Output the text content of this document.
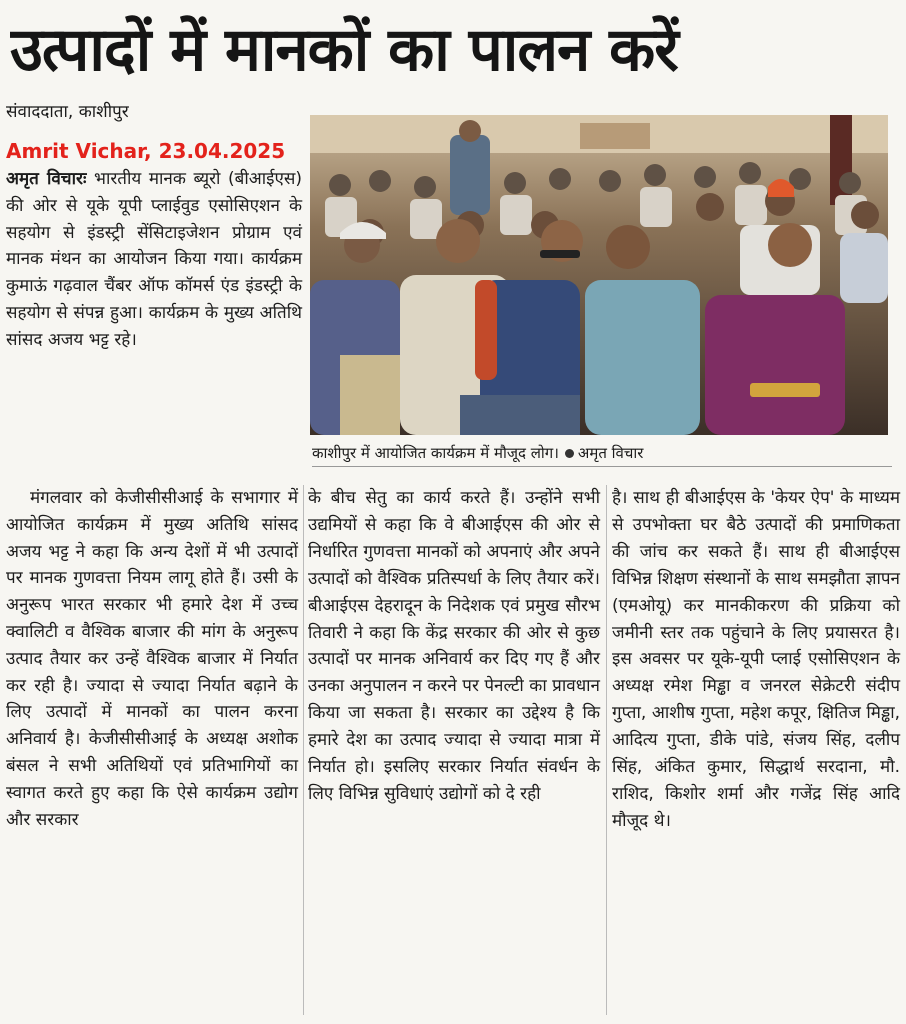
उत्पादों में मानकों का पालन करें
संवाददाता, काशीपुर
Amrit Vichar, 23.04.2025

अमृत विचारः भारतीय मानक ब्यूरो (बीआईएस) की ओर से यूके यूपी प्लाईवुड एसोसिएशन के सहयोग से इंडस्ट्री सेंसिटाइजेशन प्रोग्राम एवं मानक मंथन का आयोजन किया गया। कार्यक्रम कुमाऊं गढ़वाल चैंबर ऑफ कॉमर्स एंड इंडस्ट्री के सहयोग से संपन्न हुआ। कार्यक्रम के मुख्य अतिथि सांसद अजय भट्ट रहे।

काशीपुर में आयोजित कार्यक्रम में मौजूद लोग। अमृत विचार

मंगलवार को केजीसीसीआई के सभागार में आयोजित कार्यक्रम में मुख्य अतिथि सांसद अजय भट्ट ने कहा कि अन्य देशों में भी उत्पादों पर मानक गुणवत्ता नियम लागू होते हैं। उसी के अनुरूप भारत सरकार भी हमारे देश में उच्च क्वालिटी व वैश्विक बाजार की मांग के अनुरूप उत्पाद तैयार कर उन्हें वैश्विक बाजार में निर्यात कर रही है। ज्यादा से ज्यादा निर्यात बढ़ाने के लिए उत्पादों में मानकों का पालन करना अनिवार्य है। केजीसीसीआई के अध्यक्ष अशोक बंसल ने सभी अतिथियों एवं प्रतिभागियों का स्वागत करते हुए कहा कि ऐसे कार्यक्रम उद्योग और सरकार

के बीच सेतु का कार्य करते हैं। उन्होंने सभी उद्यमियों से कहा कि वे बीआईएस की ओर से निर्धारित गुणवत्ता मानकों को अपनाएं और अपने उत्पादों को वैश्विक प्रतिस्पर्धा के लिए तैयार करें। बीआईएस देहरादून के निदेशक एवं प्रमुख सौरभ तिवारी ने कहा कि केंद्र सरकार की ओर से कुछ उत्पादों पर मानक अनिवार्य कर दिए गए हैं और उनका अनुपालन न करने पर पेनल्टी का प्रावधान किया जा सकता है। सरकार का उद्देश्य है कि हमारे देश का उत्पाद ज्यादा से ज्यादा मात्रा में निर्यात हो। इसलिए सरकार निर्यात संवर्धन के लिए विभिन्न सुविधाएं उद्योगों को दे रही

है। साथ ही बीआईएस के 'केयर ऐप' के माध्यम से उपभोक्ता घर बैठे उत्पादों की प्रमाणिकता की जांच कर सकते हैं। साथ ही बीआईएस विभिन्न शिक्षण संस्थानों के साथ समझौता ज्ञापन (एमओयू) कर मानकीकरण की प्रक्रिया को जमीनी स्तर तक पहुंचाने के लिए प्रयासरत है। इस अवसर पर यूके-यूपी प्लाई एसोसिएशन के अध्यक्ष रमेश मिड्ढा व जनरल सेक्रेटरी संदीप गुप्ता, आशीष गुप्ता, महेश कपूर, क्षितिज मिड्ढा, आदित्य गुप्ता, डीके पांडे, संजय सिंह, दलीप सिंह, अंकित कुमार, सिद्धार्थ सरदाना, मौ. राशिद, किशोर शर्मा और गजेंद्र सिंह आदि मौजूद थे।
